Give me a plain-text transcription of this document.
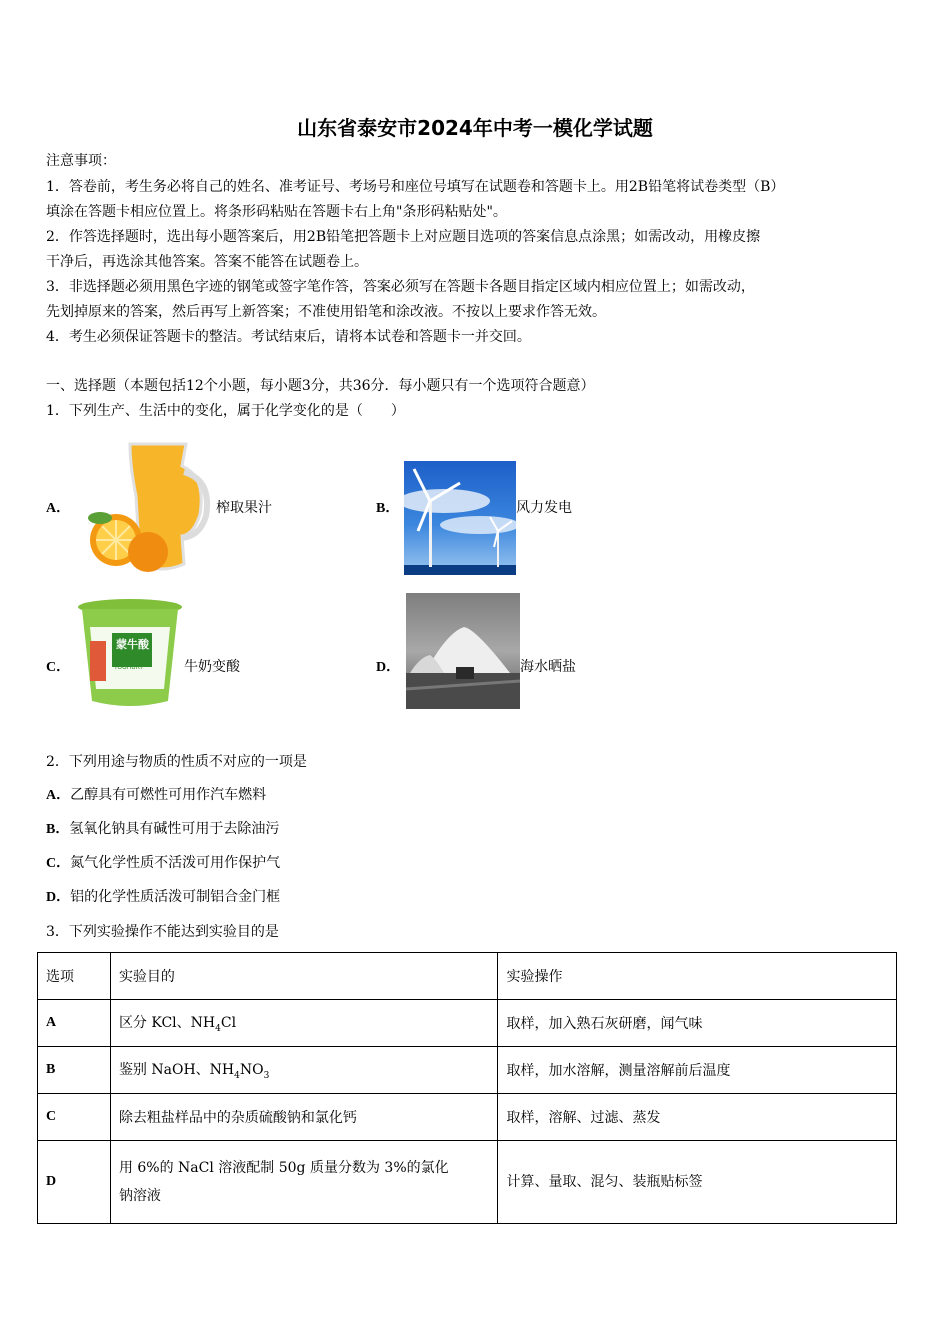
山东省泰安市2024年中考一模化学试题
注意事项：
1．答卷前，考生务必将自己的姓名、准考证号、考场号和座位号填写在试题卷和答题卡上。用2B铅笔将试卷类型（B）
填涂在答题卡相应位置上。将条形码粘贴在答题卡右上角"条形码粘贴处"。
2．作答选择题时，选出每小题答案后，用2B铅笔把答题卡上对应题目选项的答案信息点涂黑；如需改动，用橡皮擦
干净后，再选涂其他答案。答案不能答在试题卷上。
3．非选择题必须用黑色字迹的钢笔或签字笔作答，答案必须写在答题卡各题目指定区域内相应位置上；如需改动，
先划掉原来的答案，然后再写上新答案；不准使用铅笔和涂改液。不按以上要求作答无效。
4．考生必须保证答题卡的整洁。考试结束后，请将本试卷和答题卡一并交回。
一、选择题（本题包括12个小题，每小题3分，共36分．每小题只有一个选项符合题意）
1．下列生产、生活中的变化，属于化学变化的是（　　）
A．	榨取果汁	B．	风力发电
C．
蒙牛酸
YOGHURT	牛奶变酸	D．	海水晒盐
2．下列用途与物质的性质不对应的一项是
A．乙醇具有可燃性可用作汽车燃料
B．氢氧化钠具有碱性可用于去除油污
C．氮气化学性质不活泼可用作保护气
D．铝的化学性质活泼可制铝合金门框
3．下列实验操作不能达到实验目的是
选项	实验目的	实验操作
A	区分 KCl、$NH_4Cl$	取样，加入熟石灰研磨，闻气味
B	鉴别 NaOH、$NH_4NO_3$	取样，加水溶解，测量溶解前后温度
C	除去粗盐样品中的杂质硫酸钠和氯化钙	取样，溶解、过滤、蒸发
D	用 6%的 NaCl 溶液配制 50g 质量分数为 3%的氯化
钠溶液	计算、量取、混匀、装瓶贴标签
